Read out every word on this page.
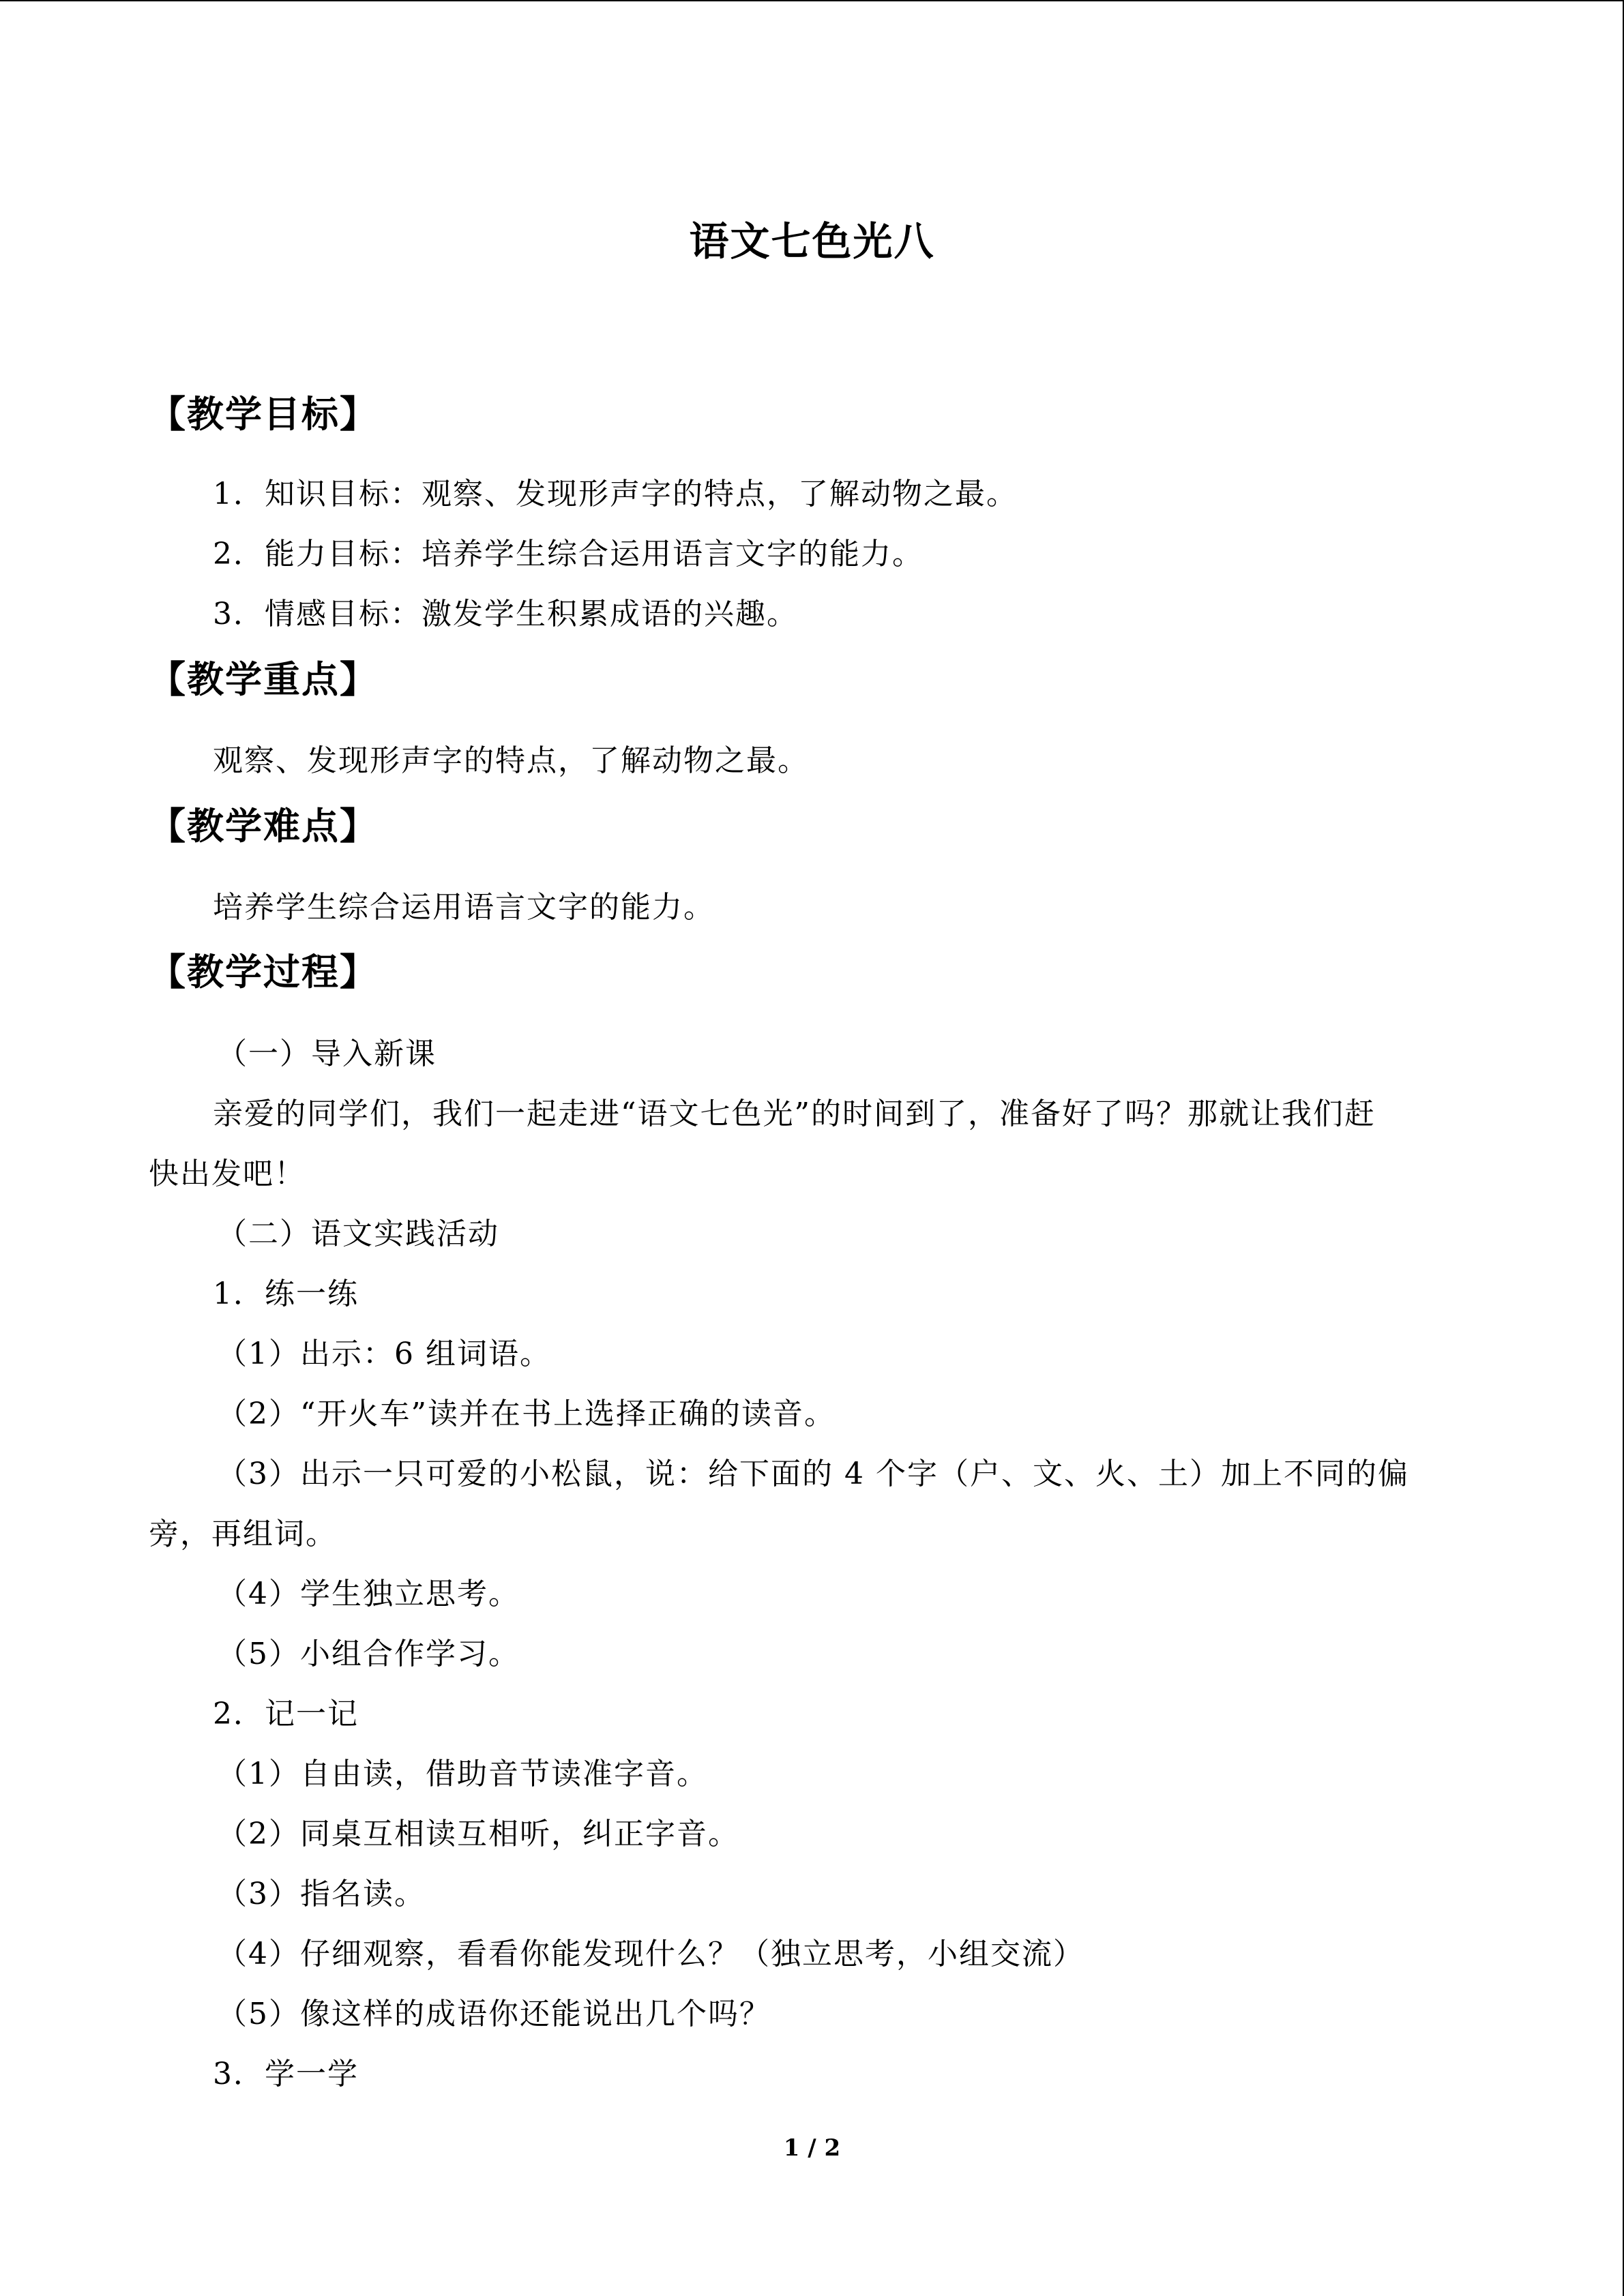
语文七色光八
【教学目标】
1．知识目标：观察、发现形声字的特点，了解动物之最。
2．能力目标：培养学生综合运用语言文字的能力。
3．情感目标：激发学生积累成语的兴趣。
【教学重点】
观察、发现形声字的特点，了解动物之最。
【教学难点】
培养学生综合运用语言文字的能力。
【教学过程】
（一）导入新课
亲爱的同学们，我们一起走进“语文七色光”的时间到了，准备好了吗？那就让我们赶
快出发吧！
（二）语文实践活动
1．练一练
（1）出示：6 组词语。
（2）“开火车”读并在书上选择正确的读音。
（3）出示一只可爱的小松鼠，说：给下面的 4 个字（户、文、火、土）加上不同的偏
旁，再组词。
（4）学生独立思考。
（5）小组合作学习。
2．记一记
（1）自由读，借助音节读准字音。
（2）同桌互相读互相听，纠正字音。
（3）指名读。
（4）仔细观察，看看你能发现什么？（独立思考，小组交流）
（5）像这样的成语你还能说出几个吗？
3．学一学
1 / 2
